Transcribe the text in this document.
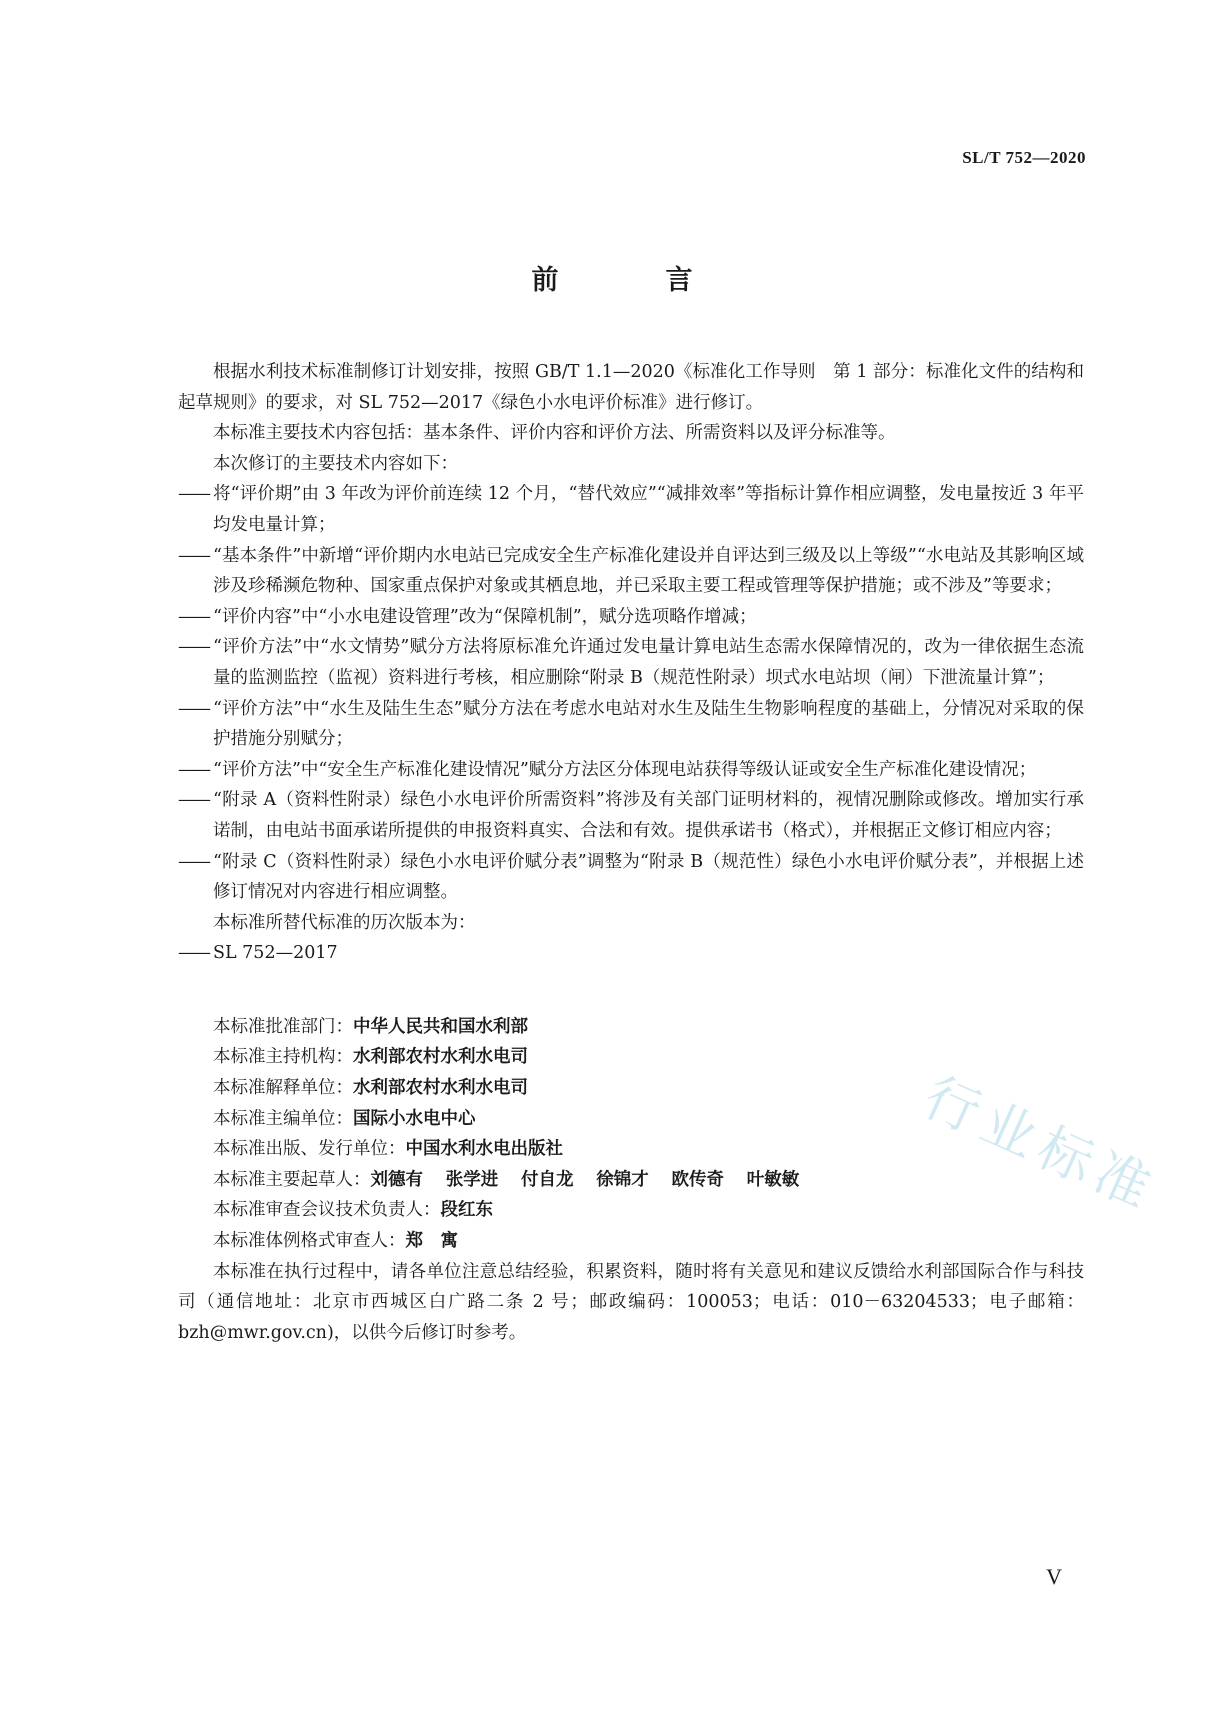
SL/T 752—2020
前　言

根据水利技术标准制修订计划安排，按照 GB/T 1.1—2020《标准化工作导则　第 1 部分：标准化文件的结构和起草规则》的要求，对 SL 752—2017《绿色小水电评价标准》进行修订。

本标准主要技术内容包括：基本条件、评价内容和评价方法、所需资料以及评分标准等。

本次修订的主要技术内容如下：

—— 将“评价期”由 3 年改为评价前连续 12 个月，“替代效应”“减排效率”等指标计算作相应调整，发电量按近 3 年平均发电量计算；

—— “基本条件”中新增“评价期内水电站已完成安全生产标准化建设并自评达到三级及以上等级”“水电站及其影响区域涉及珍稀濒危物种、国家重点保护对象或其栖息地，并已采取主要工程或管理等保护措施；或不涉及”等要求；

—— “评价内容”中“小水电建设管理”改为“保障机制”，赋分选项略作增减；

—— “评价方法”中“水文情势”赋分方法将原标准允许通过发电量计算电站生态需水保障情况的，改为一律依据生态流量的监测监控（监视）资料进行考核，相应删除“附录 B（规范性附录）坝式水电站坝（闸）下泄流量计算”；

—— “评价方法”中“水生及陆生生态”赋分方法在考虑水电站对水生及陆生生物影响程度的基础上，分情况对采取的保护措施分别赋分；

—— “评价方法”中“安全生产标准化建设情况”赋分方法区分体现电站获得等级认证或安全生产标准化建设情况；

—— “附录 A（资料性附录）绿色小水电评价所需资料”将涉及有关部门证明材料的，视情况删除或修改。增加实行承诺制，由电站书面承诺所提供的申报资料真实、合法和有效。提供承诺书（格式），并根据正文修订相应内容；

—— “附录 C（资料性附录）绿色小水电评价赋分表”调整为“附录 B（规范性）绿色小水电评价赋分表”，并根据上述修订情况对内容进行相应调整。

本标准所替代标准的历次版本为：

—— SL 752—2017

本标准批准部门：中华人民共和国水利部

本标准主持机构：水利部农村水利水电司

本标准解释单位：水利部农村水利水电司

本标准主编单位：国际小水电中心

本标准出版、发行单位：中国水利水电出版社

本标准主要起草人：刘德有 张学进 付自龙 徐锦才 欧传奇 叶敏敏

本标准审查会议技术负责人：段红东

本标准体例格式审查人：郑　寓

本标准在执行过程中，请各单位注意总结经验，积累资料，随时将有关意见和建议反馈给水利部国际合作与科技司（通信地址：北京市西城区白广路二条 2 号；邮政编码：100053；电话：010－63204533；电子邮箱：bzh@mwr.gov.cn)，以供今后修订时参考。

V
行业标准
